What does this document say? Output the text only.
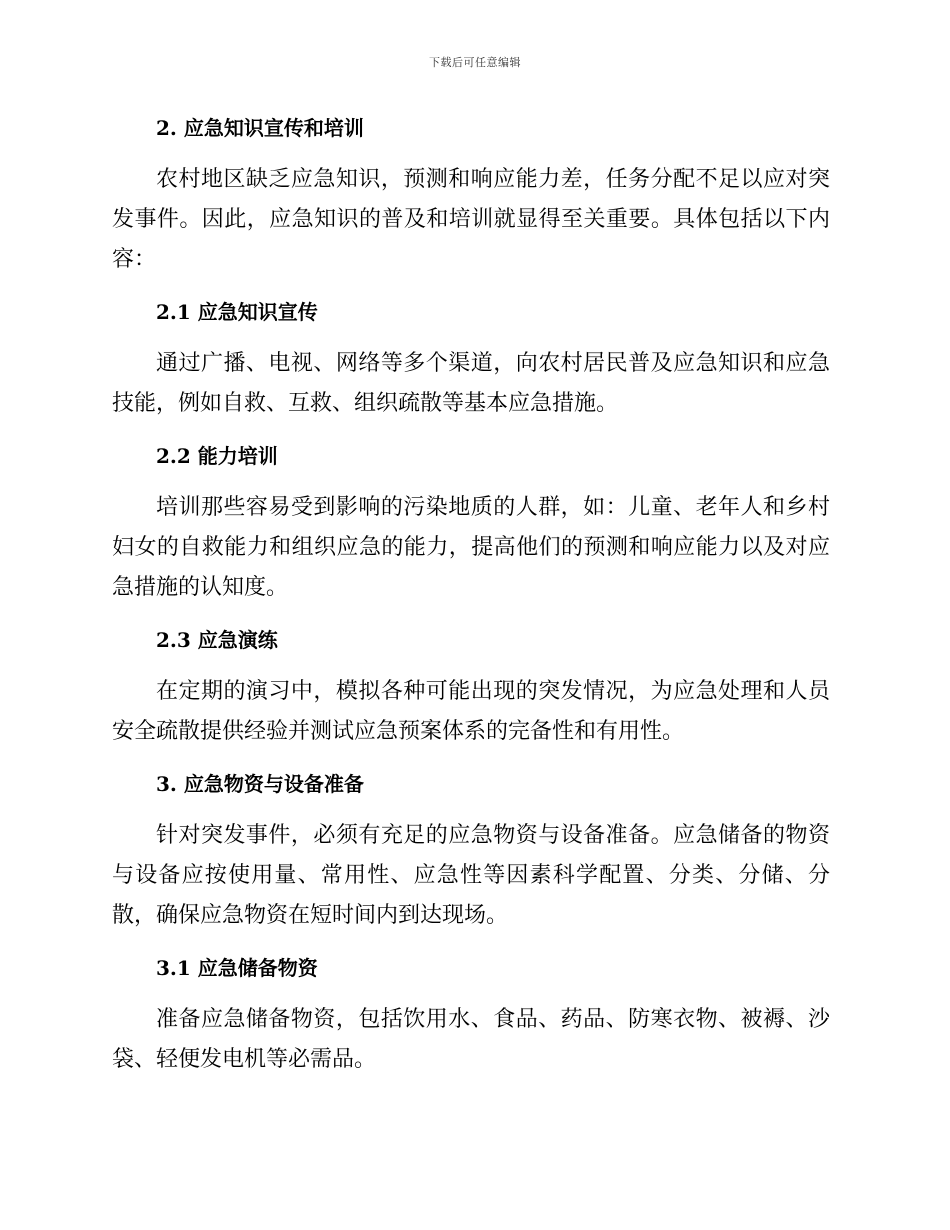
下载后可任意编辑
2. 应急知识宣传和培训

农村地区缺乏应急知识，预测和响应能力差，任务分配不足以应对突发事件。因此，应急知识的普及和培训就显得至关重要。具体包括以下内容：

2.1 应急知识宣传

通过广播、电视、网络等多个渠道，向农村居民普及应急知识和应急技能，例如自救、互救、组织疏散等基本应急措施。

2.2 能力培训

培训那些容易受到影响的污染地质的人群，如：儿童、老年人和乡村妇女的自救能力和组织应急的能力，提高他们的预测和响应能力以及对应急措施的认知度。

2.3 应急演练

在定期的演习中，模拟各种可能出现的突发情况，为应急处理和人员安全疏散提供经验并测试应急预案体系的完备性和有用性。

3. 应急物资与设备准备

针对突发事件，必须有充足的应急物资与设备准备。应急储备的物资与设备应按使用量、常用性、应急性等因素科学配置、分类、分储、分散，确保应急物资在短时间内到达现场。

3.1 应急储备物资

准备应急储备物资，包括饮用水、食品、药品、防寒衣物、被褥、沙袋、轻便发电机等必需品。
